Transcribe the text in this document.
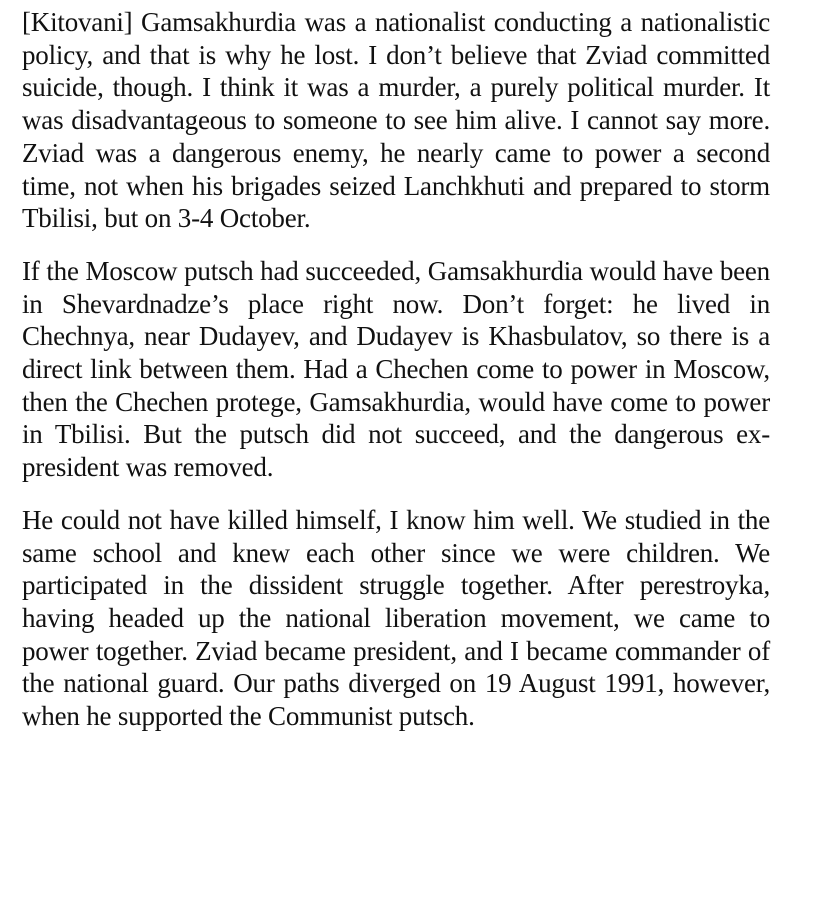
[Kitovani] Gamsakhurdia was a nationalist conducting a nationalistic policy, and that is why he lost. I don’t believe that Zviad committed suicide, though. I think it was a murder, a purely political murder. It was disadvantageous to someone to see him alive. I cannot say more. Zviad was a dangerous enemy, he nearly came to power a second time, not when his brigades seized Lanchkhuti and prepared to storm Tbilisi, but on 3-4 October.

If the Moscow putsch had succeeded, Gamsakhurdia would have been in Shevardnadze’s place right now. Don’t forget: he lived in Chechnya, near Dudayev, and Dudayev is Khasbulatov, so there is a direct link between them. Had a Chechen come to power in Moscow, then the Chechen protege, Gamsakhurdia, would have come to power in Tbilisi. But the putsch did not succeed, and the dangerous ex-president was removed.

He could not have killed himself, I know him well. We studied in the same school and knew each other since we were children. We participated in the dissident struggle together. After perestroyka, having headed up the national liberation movement, we came to power together. Zviad became president, and I became commander of the national guard. Our paths diverged on 19 August 1991, however, when he supported the Communist putsch.
